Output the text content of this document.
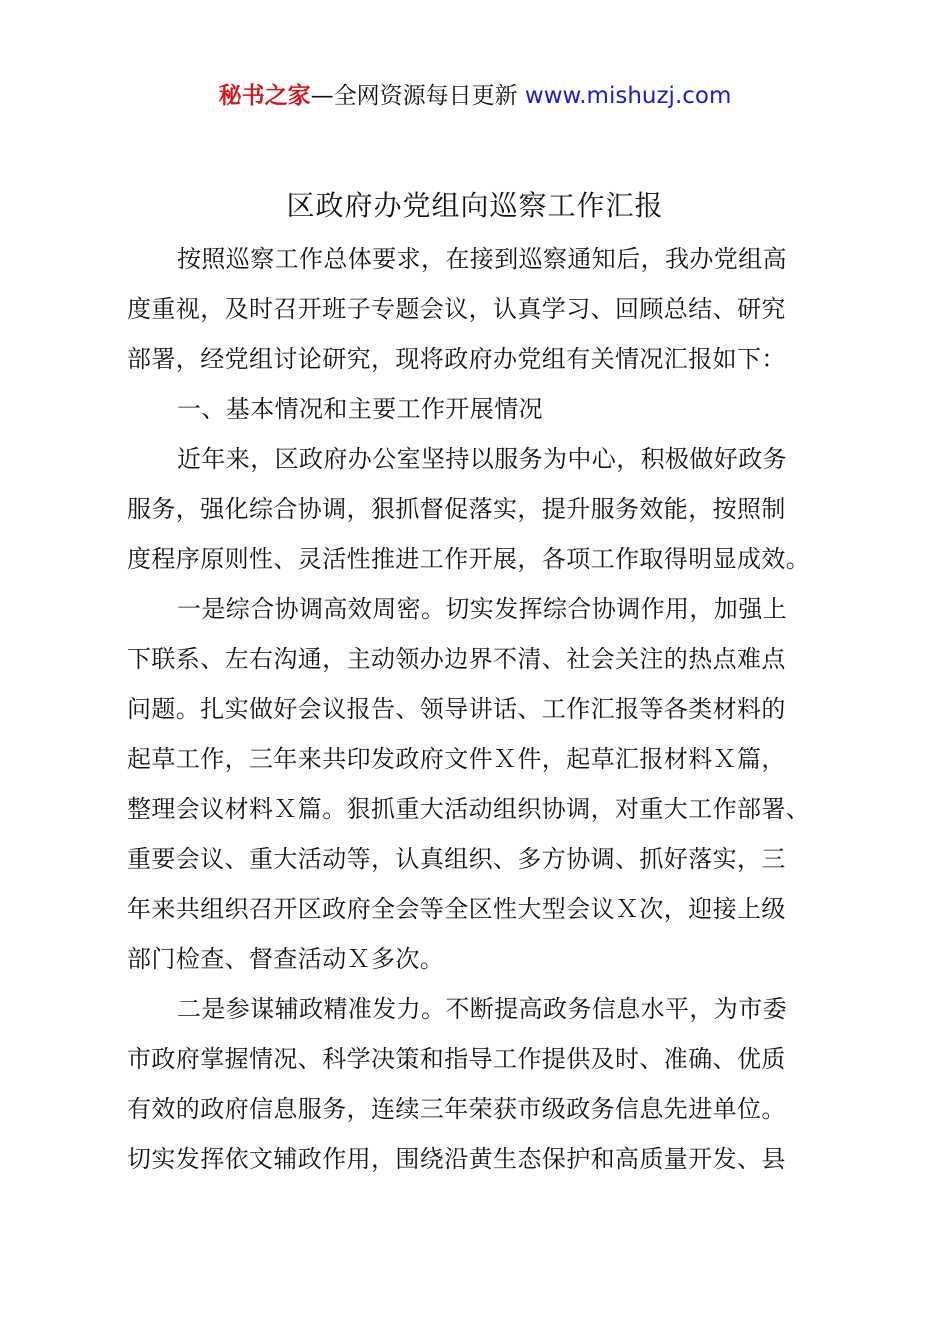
秘书之家—全网资源每日更新 www.mishuzj.com
区政府办党组向巡察工作汇报
按照巡察工作总体要求，在接到巡察通知后，我办党组高
度重视，及时召开班子专题会议，认真学习、回顾总结、研究
部署，经党组讨论研究，现将政府办党组有关情况汇报如下：
一、基本情况和主要工作开展情况
近年来，区政府办公室坚持以服务为中心，积极做好政务
服务，强化综合协调，狠抓督促落实，提升服务效能，按照制
度程序原则性、灵活性推进工作开展，各项工作取得明显成效。
一是综合协调高效周密。切实发挥综合协调作用，加强上
下联系、左右沟通，主动领办边界不清、社会关注的热点难点
问题。扎实做好会议报告、领导讲话、工作汇报等各类材料的
起草工作，三年来共印发政府文件Ｘ件，起草汇报材料Ｘ篇，
整理会议材料Ｘ篇。狠抓重大活动组织协调，对重大工作部署、
重要会议、重大活动等，认真组织、多方协调、抓好落实，三
年来共组织召开区政府全会等全区性大型会议Ｘ次，迎接上级
部门检查、督查活动Ｘ多次。
二是参谋辅政精准发力。不断提高政务信息水平，为市委
市政府掌握情况、科学决策和指导工作提供及时、准确、优质
有效的政府信息服务，连续三年荣获市级政务信息先进单位。
切实发挥依文辅政作用，围绕沿黄生态保护和高质量开发、县
